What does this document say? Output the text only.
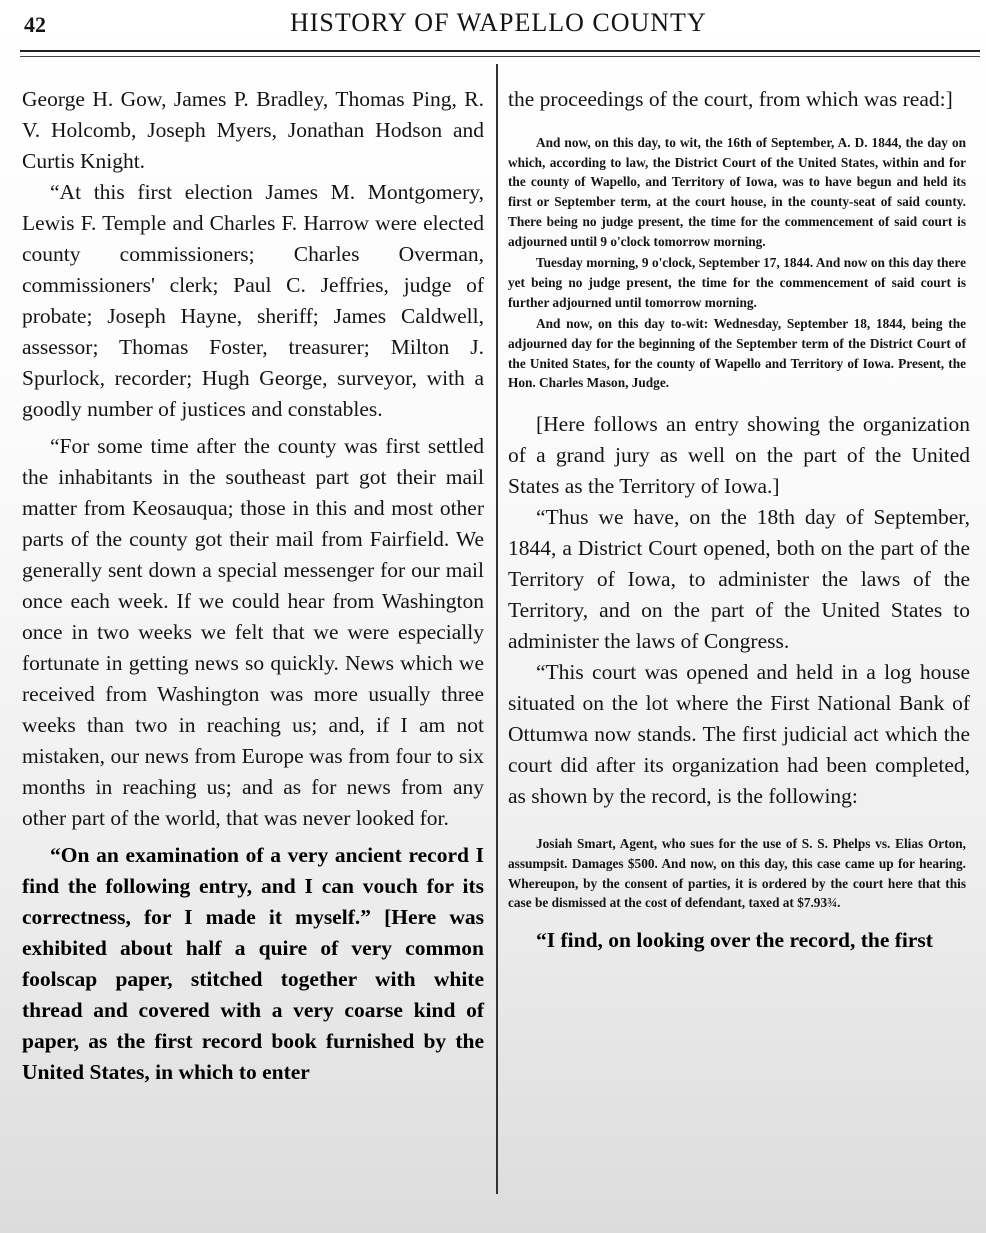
42	HISTORY OF WAPELLO COUNTY

George H. Gow, James P. Bradley, Thomas Ping, R. V. Holcomb, Joseph Myers, Jonathan Hodson and Curtis Knight.

“At this first election James M. Montgomery, Lewis F. Temple and Charles F. Harrow were elected county commissioners; Charles Overman, commissioners' clerk; Paul C. Jeffries, judge of probate; Joseph Hayne, sheriff; James Caldwell, assessor; Thomas Foster, treasurer; Milton J. Spurlock, recorder; Hugh George, surveyor, with a goodly number of justices and constables.

“For some time after the county was first settled the inhabitants in the southeast part got their mail matter from Keosauqua; those in this and most other parts of the county got their mail from Fairfield. We generally sent down a special messenger for our mail once each week. If we could hear from Washington once in two weeks we felt that we were especially fortunate in getting news so quickly. News which we received from Washington was more usually three weeks than two in reaching us; and, if I am not mistaken, our news from Europe was from four to six months in reaching us; and as for news from any other part of the world, that was never looked for.

“On an examination of a very ancient record I find the following entry, and I can vouch for its correctness, for I made it myself.” [Here was exhibited about half a quire of very common foolscap paper, stitched together with white thread and covered with a very coarse kind of paper, as the first record book furnished by the United States, in which to enter

the proceedings of the court, from which was read:]

And now, on this day, to wit, the 16th of September, A. D. 1844, the day on which, according to law, the District Court of the United States, within and for the county of Wapello, and Territory of Iowa, was to have begun and held its first or September term, at the court house, in the county-seat of said county. There being no judge present, the time for the commencement of said court is adjourned until 9 o'clock tomorrow morning.

Tuesday morning, 9 o'clock, September 17, 1844. And now on this day there yet being no judge present, the time for the commencement of said court is further adjourned until tomorrow morning.

And now, on this day to-wit: Wednesday, September 18, 1844, being the adjourned day for the beginning of the September term of the District Court of the United States, for the county of Wapello and Territory of Iowa. Present, the Hon. Charles Mason, Judge.

[Here follows an entry showing the organization of a grand jury as well on the part of the United States as the Territory of Iowa.]

“Thus we have, on the 18th day of September, 1844, a District Court opened, both on the part of the Territory of Iowa, to administer the laws of the Territory, and on the part of the United States to administer the laws of Congress.

“This court was opened and held in a log house situated on the lot where the First National Bank of Ottumwa now stands. The first judicial act which the court did after its organization had been completed, as shown by the record, is the following:

Josiah Smart, Agent, who sues for the use of S. S. Phelps vs. Elias Orton, assumpsit. Damages $500. And now, on this day, this case came up for hearing. Whereupon, by the consent of parties, it is ordered by the court here that this case be dismissed at the cost of defendant, taxed at $7.93¾.

“I find, on looking over the record, the first
